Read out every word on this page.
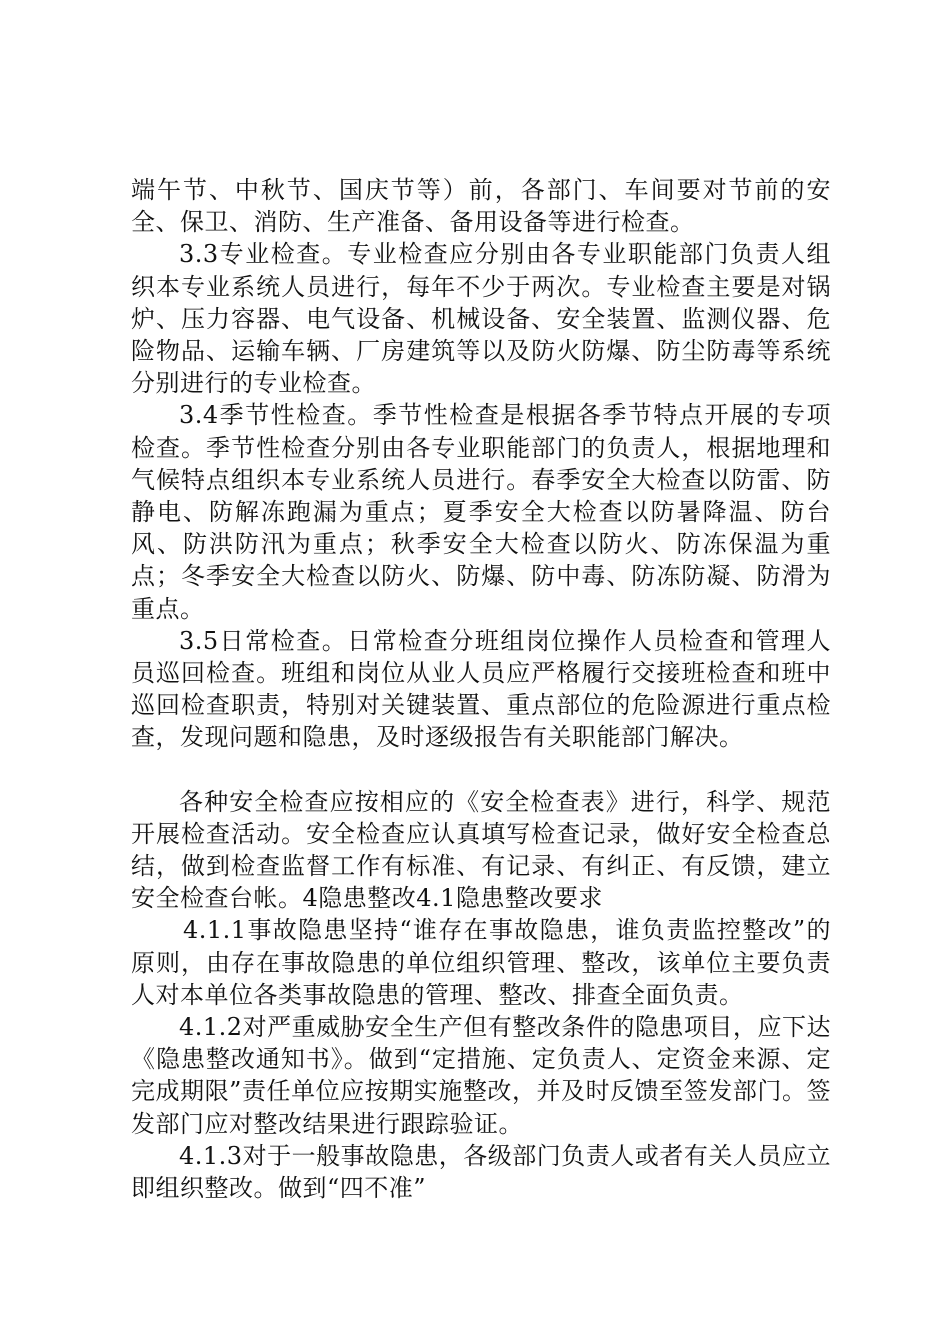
端午节、中秋节、国庆节等）前，各部门、车间要对节前的安全、保卫、消防、生产准备、备用设备等进行检查。

3.3专业检查。专业检查应分别由各专业职能部门负责人组织本专业系统人员进行，每年不少于两次。专业检查主要是对锅炉、压力容器、电气设备、机械设备、安全装置、监测仪器、危险物品、运输车辆、厂房建筑等以及防火防爆、防尘防毒等系统分别进行的专业检查。

3.4季节性检查。季节性检查是根据各季节特点开展的专项检查。季节性检查分别由各专业职能部门的负责人，根据地理和气候特点组织本专业系统人员进行。春季安全大检查以防雷、防静电、防解冻跑漏为重点；夏季安全大检查以防暑降温、防台风、防洪防汛为重点；秋季安全大检查以防火、防冻保温为重点；冬季安全大检查以防火、防爆、防中毒、防冻防凝、防滑为重点。

3.5日常检查。日常检查分班组岗位操作人员检查和管理人员巡回检查。班组和岗位从业人员应严格履行交接班检查和班中巡回检查职责，特别对关键装置、重点部位的危险源进行重点检查，发现问题和隐患，及时逐级报告有关职能部门解决。

各种安全检查应按相应的《安全检查表》进行，科学、规范开展检查活动。安全检查应认真填写检查记录，做好安全检查总结，做到检查监督工作有标准、有记录、有纠正、有反馈，建立安全检查台帐。4隐患整改4.1隐患整改要求

4.1.1事故隐患坚持“谁存在事故隐患，谁负责监控整改”的原则，由存在事故隐患的单位组织管理、整改，该单位主要负责人对本单位各类事故隐患的管理、整改、排查全面负责。

4.1.2对严重威胁安全生产但有整改条件的隐患项目，应下达《隐患整改通知书》。做到“定措施、定负责人、定资金来源、定完成期限”责任单位应按期实施整改，并及时反馈至签发部门。签发部门应对整改结果进行跟踪验证。

4.1.3对于一般事故隐患，各级部门负责人或者有关人员应立即组织整改。做到“四不准”
